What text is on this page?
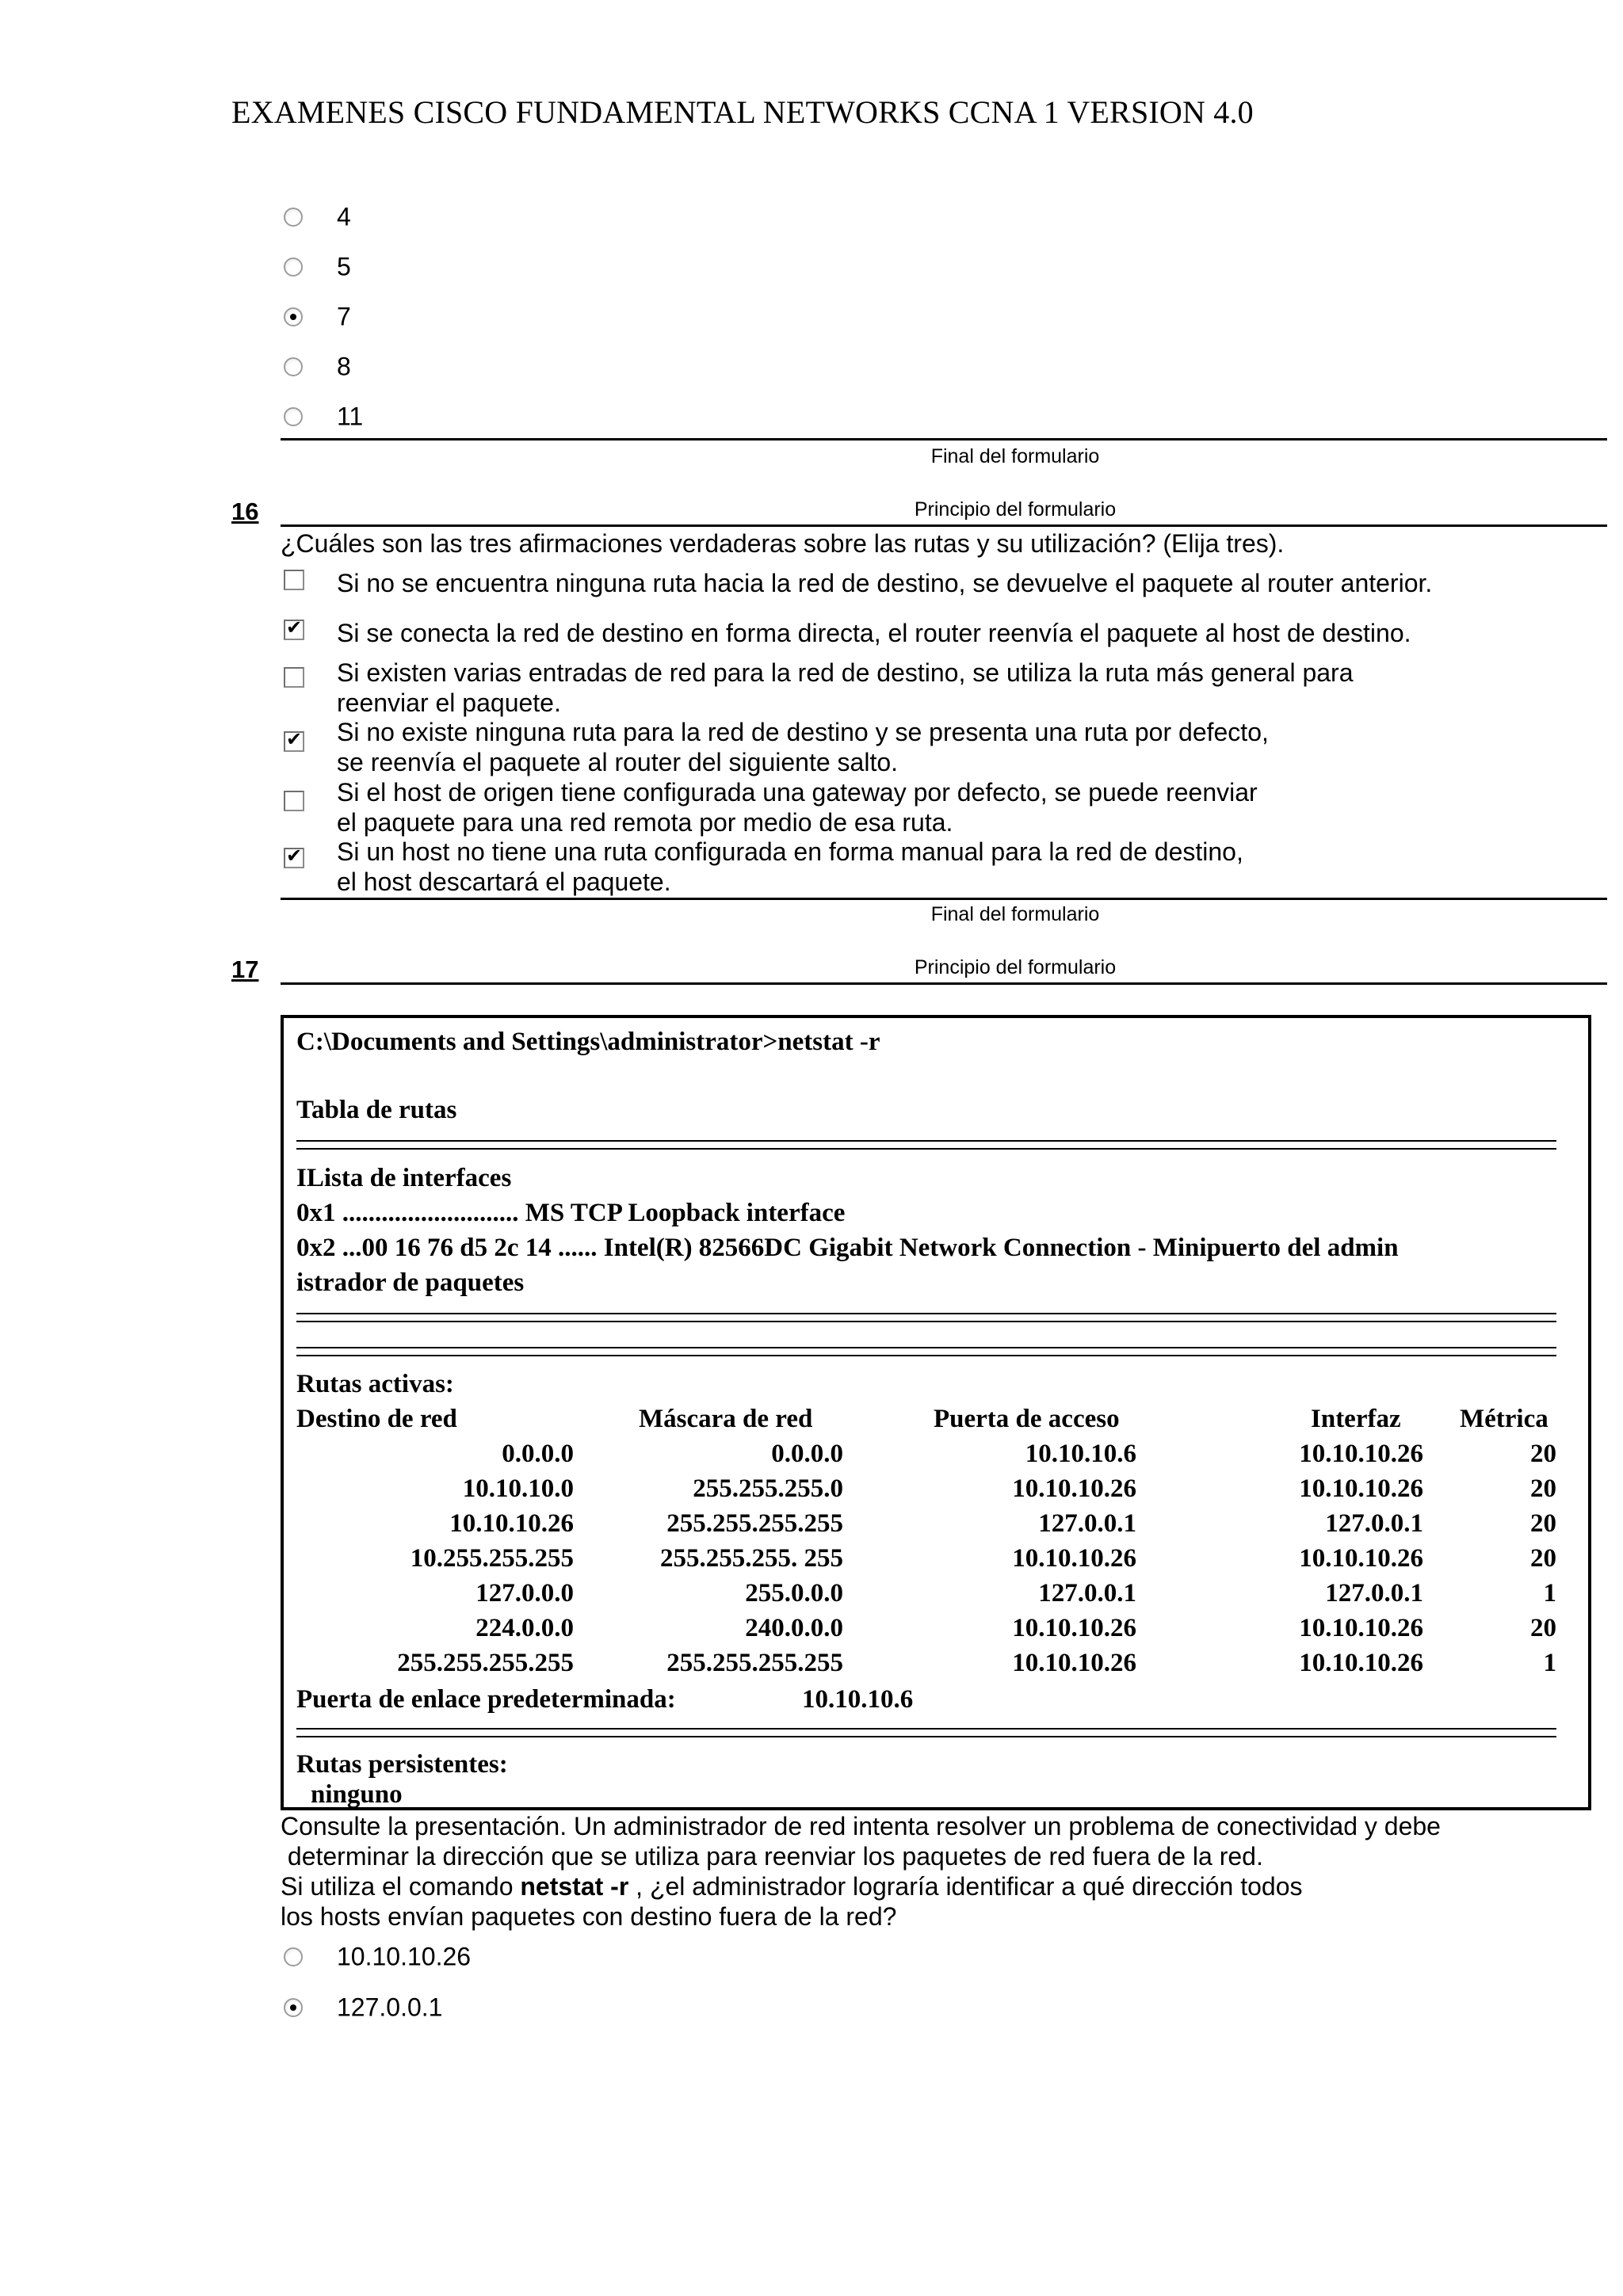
EXAMENES CISCO FUNDAMENTAL NETWORKS CCNA 1 VERSION 4.0
4
5
7
8
11
Final del formulario
16	Principio del formulario
¿Cuáles son las tres afirmaciones verdaderas sobre las rutas y su utilización? (Elija tres).
Si no se encuentra ninguna ruta hacia la red de destino, se devuelve el paquete al router anterior.
✔
Si se conecta la red de destino en forma directa, el router reenvía el paquete al host de destino.
Si existen varias entradas de red para la red de destino, se utiliza la ruta más general para
reenviar el paquete.
✔
Si no existe ninguna ruta para la red de destino y se presenta una ruta por defecto,
se reenvía el paquete al router del siguiente salto.
Si el host de origen tiene configurada una gateway por defecto, se puede reenviar
el paquete para una red remota por medio de esa ruta.
✔
Si un host no tiene una ruta configurada en forma manual para la red de destino,
el host descartará el paquete.
Final del formulario
17	Principio del formulario
C:\Documents and Settings\administrator>netstat -r
Tabla de rutas
ILista de interfaces
0x1 ........................... MS TCP Loopback interface
0x2 ...00 16 76 d5 2c 14 ...... Intel(R) 82566DC Gigabit Network Connection - Minipuerto del admin
istrador de paquetes
Rutas activas:
Destino de red	Máscara de red	Puerta de acceso	Interfaz Métrica
0.0.0.0	0.0.0.0	10.10.10.6	10.10.10.26	20
10.10.10.0	255.255.255.0	10.10.10.26	10.10.10.26	20
10.10.10.26	255.255.255.255	127.0.0.1	127.0.0.1	20
10.255.255.255	255.255.255. 255	10.10.10.26	10.10.10.26	20
127.0.0.0	255.0.0.0	127.0.0.1	127.0.0.1	1
224.0.0.0	240.0.0.0	10.10.10.26	10.10.10.26	20
255.255.255.255	255.255.255.255	10.10.10.26	10.10.10.26	1
Puerta de enlace predeterminada:	10.10.10.6
Rutas persistentes:
ninguno
Consulte la presentación. Un administrador de red intenta resolver un problema de conectividad y debe
determinar la dirección que se utiliza para reenviar los paquetes de red fuera de la red.
Si utiliza el comando netstat -r , ¿el administrador lograría identificar a qué dirección todos
los hosts envían paquetes con destino fuera de la red?
10.10.10.26
127.0.0.1
